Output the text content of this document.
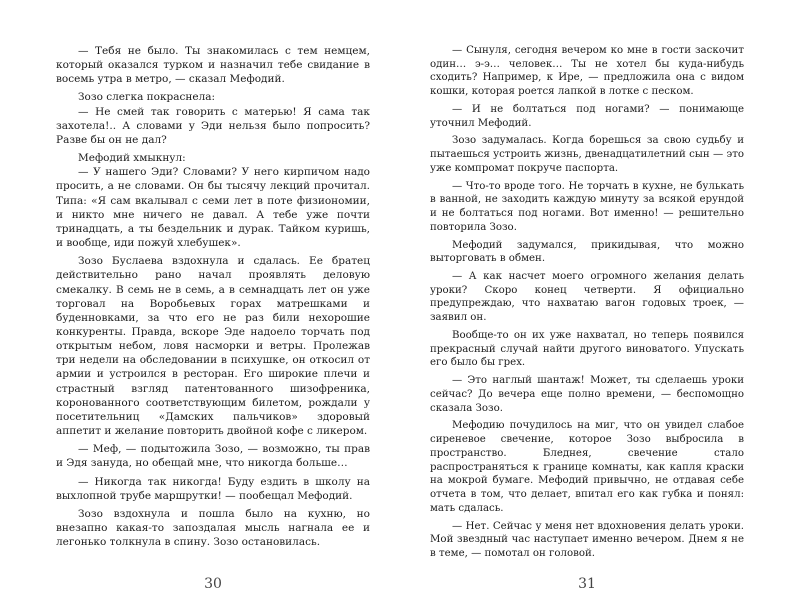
— Тебя не было. Ты знакомилась с тем немцем, который оказался турком и назначил тебе свидание в восемь утра в метро, — сказал Мефодий.

Зозо слегка покраснела:

— Не смей так говорить с матерью! Я сама так захотела!.. А словами у Эди нельзя было попросить? Разве бы он не дал?

Мефодий хмыкнул:

— У нашего Эди? Словами? У него кирпичом надо просить, а не словами. Он бы тысячу лекций прочитал. Типа: «Я сам вкалывал с семи лет в поте физиономии, и никто мне ничего не давал. А тебе уже почти тринадцать, а ты бездельник и дурак. Тайком куришь, и вообще, иди пожуй хлебушек».

Зозо Буслаева вздохнула и сдалась. Ее братец действительно рано начал проявлять деловую смекалку. В семь не в семь, а в семнадцать лет он уже торговал на Воробьевых горах матрешками и буденновками, за что его не раз били нехорошие конкуренты. Правда, вскоре Эде надоело торчать под открытым небом, ловя насморки и ветры. Пролежав три недели на обследовании в психушке, он откосил от армии и устроился в ресторан. Его широкие плечи и страстный взгляд патентованного шизофреника, коронованного соответствующим билетом, рождали у посетительниц «Дамских пальчиков» здоровый аппетит и желание повторить двойной кофе с ликером.

— Меф, — подытожила Зозо, — возможно, ты прав и Эдя зануда, но обещай мне, что никогда больше…

— Никогда так никогда! Буду ездить в школу на выхлопной трубе маршрутки! — пообещал Мефодий.

Зозо вздохнула и пошла было на кухню, но внезапно какая-то запоздалая мысль нагнала ее и легонько толкнула в спину. Зозо остановилась.

30

— Сынуля, сегодня вечером ко мне в гости заскочит один… э-э… человек… Ты не хотел бы куда-нибудь сходить? Например, к Ире, — предложила она с видом кошки, которая роется лапкой в лотке с песком.

— И не болтаться под ногами? — понимающе уточнил Мефодий.

Зозо задумалась. Когда борешься за свою судьбу и пытаешься устроить жизнь, двенадцатилетний сын — это уже компромат покруче паспорта.

— Что-то вроде того. Не торчать в кухне, не булькать в ванной, не заходить каждую минуту за всякой ерундой и не болтаться под ногами. Вот именно! — решительно повторила Зозо.

Мефодий задумался, прикидывая, что можно выторговать в обмен.

— А как насчет моего огромного желания делать уроки? Скоро конец четверти. Я официально предупреждаю, что нахватаю вагон годовых троек, — заявил он.

Вообще-то он их уже нахватал, но теперь появился прекрасный случай найти другого виноватого. Упускать его было бы грех.

— Это наглый шантаж! Может, ты сделаешь уроки сейчас? До вечера еще полно времени, — беспомощно сказала Зозо.

Мефодию почудилось на миг, что он увидел слабое сиреневое свечение, которое Зозо выбросила в пространство. Бледнея, свечение стало распространяться к границе комнаты, как капля краски на мокрой бумаге. Мефодий привычно, не отдавая себе отчета в том, что делает, впитал его как губка и понял: мать сдалась.

— Нет. Сейчас у меня нет вдохновения делать уроки. Мой звездный час наступает именно вечером. Днем я не в теме, — помотал он головой.

31
